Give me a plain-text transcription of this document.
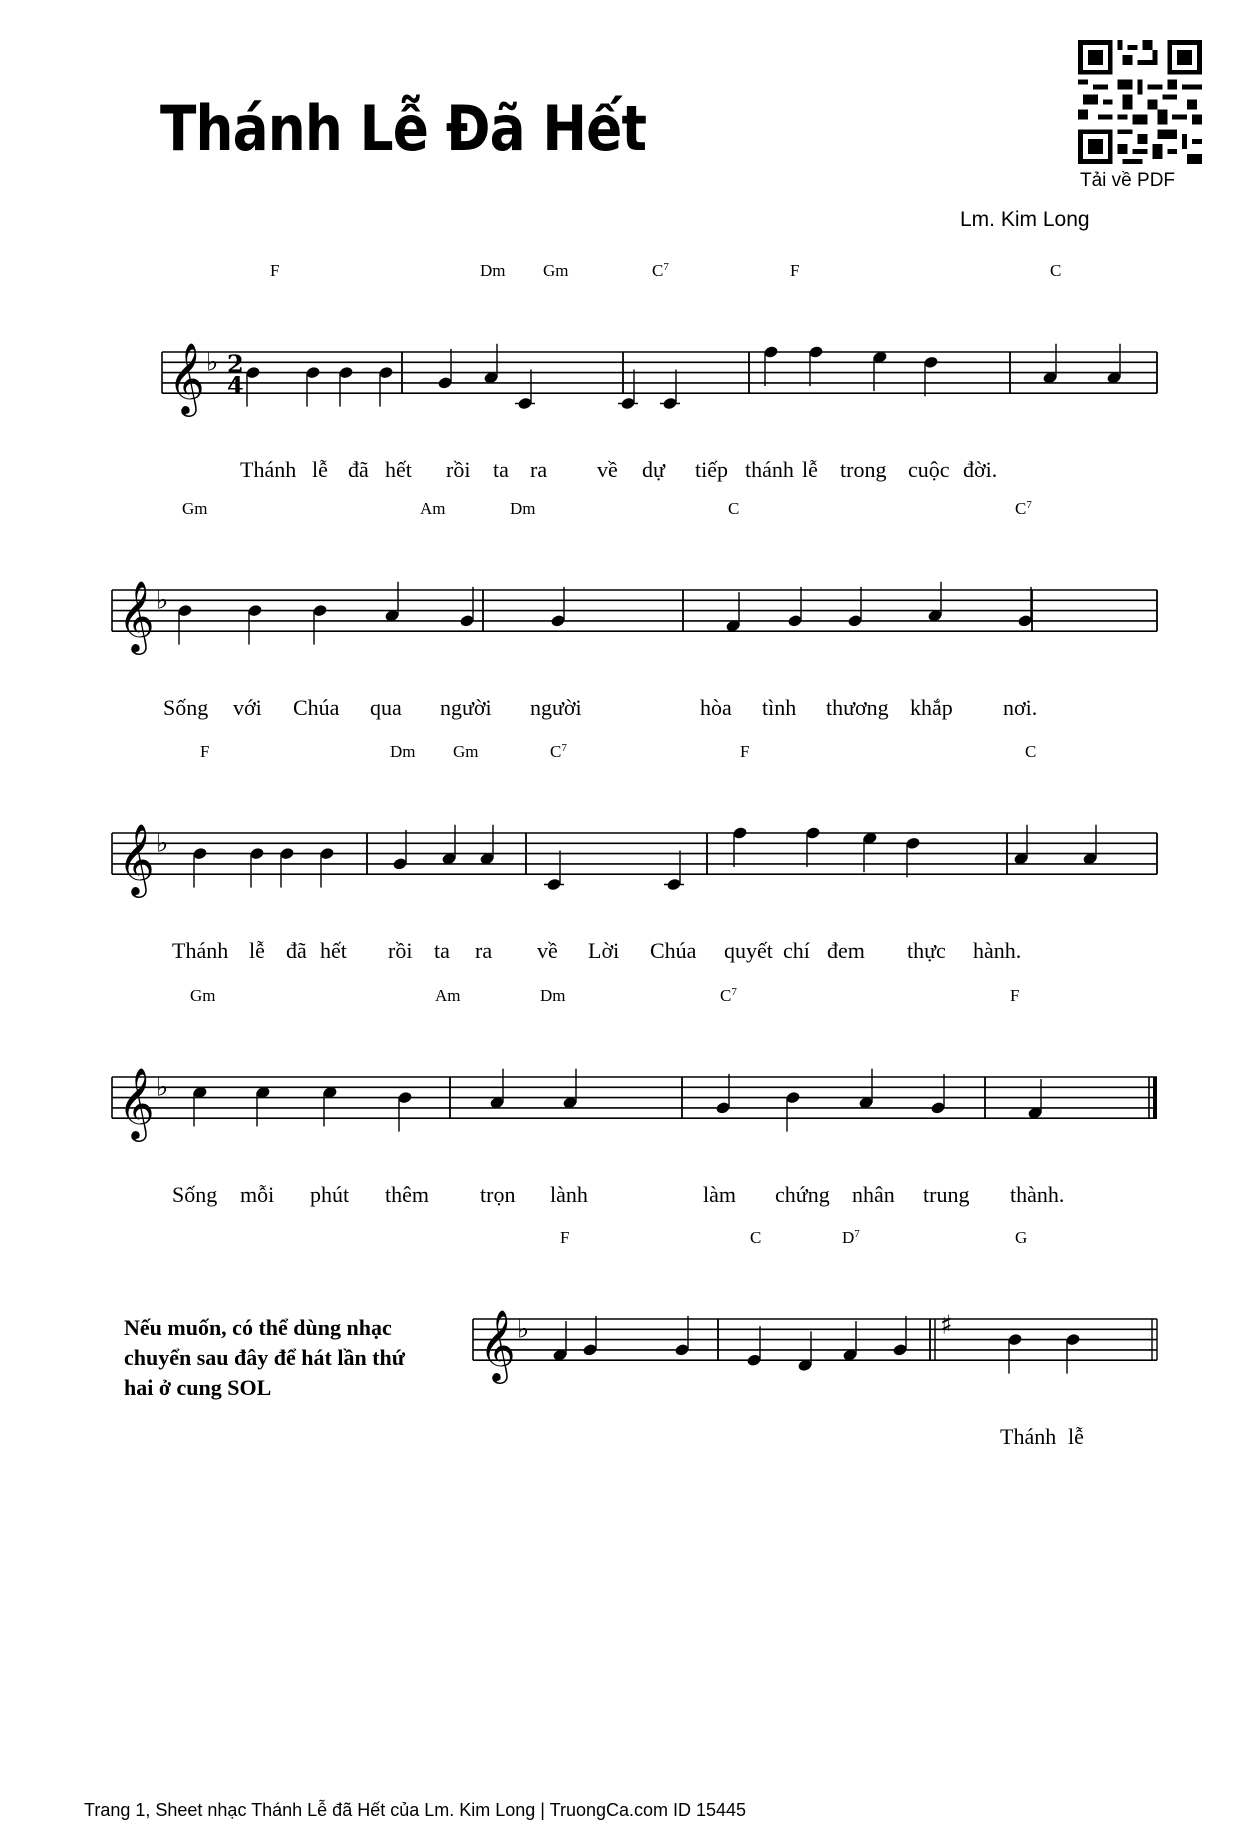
Thánh Lễ Đã Hết
Tải về PDF
Lm. Kim Long
𝄞 ♭ 2
4
F	Dm Gm	$C^7$	F	C
Thánh lễ đã hết rồi ta ra về dự tiếp thánh lễ trong cuộc đời.
𝄞 ♭
Gm	Am	Dm	C	$C^7$
Sống với Chúa qua người người	hòa tình thương khắp nơi.
𝄞 ♭
F	Dm Gm	$C^7$	F	C
Thánh lễ đã hết rồi ta ra về Lời Chúa quyết chí đem thực hành.
𝄞 ♭
Gm	Am	Dm	$C^7$	F
Sống mỗi phút thêm trọn lành	làm chứng nhân trung thành.
𝄞 ♭	♯
F	C	$D^7$	G
Thánh lễ
Nếu muốn, có thể dùng nhạc
chuyển sau đây để hát lần thứ
hai ở cung SOL
Trang 1, Sheet nhạc Thánh Lễ đã Hết của Lm. Kim Long | TruongCa.com ID 15445
